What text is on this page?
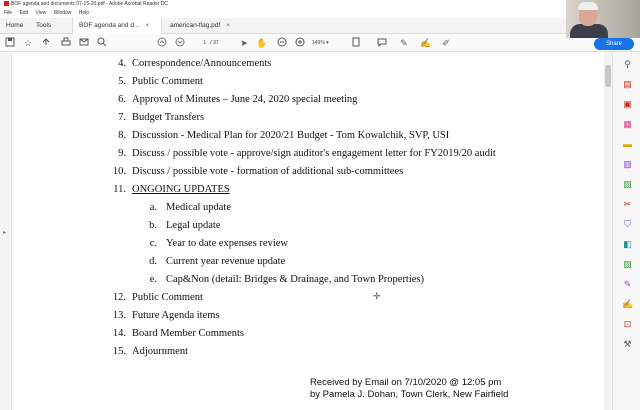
BOF agenda and documents 07-15-20.pdf - Adobe Acrobat Reader DC
File Edit View Window Help
Home	Tools	BOF agenda and d... ×	american-flag.pdf ×
☆	1 / 37	➤ ✋	149% ▾	✎ ✍ ✐	Share
▸
4. Correspondence/Announcements
5. Public Comment
6. Approval of Minutes – June 24, 2020 special meeting
7. Budget Transfers
8. Discussion - Medical Plan for 2020/21 Budget - Tom Kowalchik, SVP, USI
9. Discuss / possible vote - approve/sign auditor's engagement letter for FY2019/20 audit
10. Discuss / possible vote - formation of additional sub-committees
11. ONGOING UPDATES
a. Medical update
b. Legal update
c. Year to date expenses review
d. Current year revenue update
e. Cap&Non (detail: Bridges & Drainage, and Town Properties)
12. Public Comment
13. Future Agenda items
14. Board Member Comments
15. Adjournment
Received by Email on 7/10/2020 @ 12:05 pm
by Pamela J. Dohan, Town Clerk, New Fairfield
✛
⚲
▤
▣
▦
▬
▥
▧
✂
⛉
◧
▨
✎
✍
⊡
⚒
